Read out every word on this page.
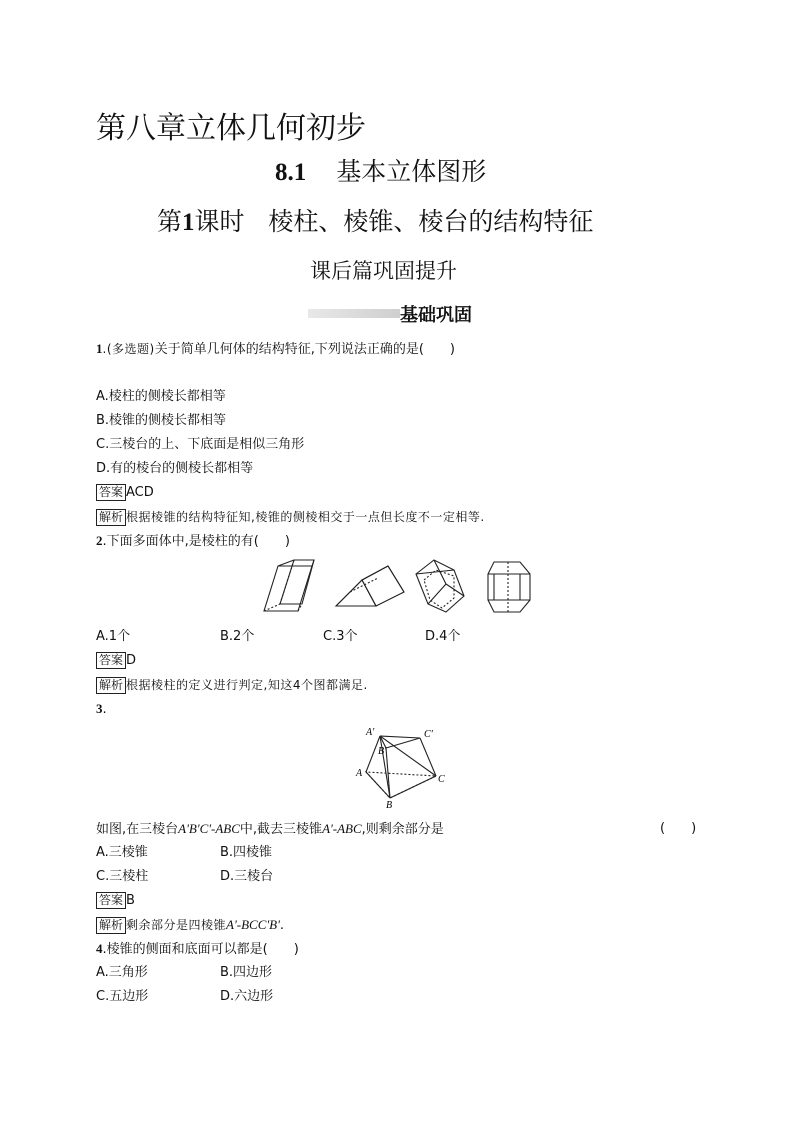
第八章立体几何初步
8.1 基本立体图形
第1课时 棱柱、棱锥、棱台的结构特征
课后篇巩固提升
基础巩固
1.(多选题)关于简单几何体的结构特征,下列说法正确的是(　　)
A.棱柱的侧棱长都相等
B.棱锥的侧棱长都相等
C.三棱台的上、下底面是相似三角形
D.有的棱台的侧棱长都相等
答案 ACD
解析 根据棱锥的结构特征知,棱锥的侧棱相交于一点但长度不一定相等.
2.下面多面体中,是棱柱的有(　　)
A.1个	B.2个	C.3个	D.4个
答案 D
解析 根据棱柱的定义进行判定,知这4个图都满足.
3.
A'
B'
C'
A
B
C
如图,在三棱台A'B'C'-ABC中,截去三棱锥A'-ABC,则剩余部分是	(　　)
A.三棱锥	B.四棱锥
C.三棱柱	D.三棱台
答案 B
解析 剩余部分是四棱锥A'-BCC'B'.
4.棱锥的侧面和底面可以都是(　　)
A.三角形	B.四边形
C.五边形	D.六边形
